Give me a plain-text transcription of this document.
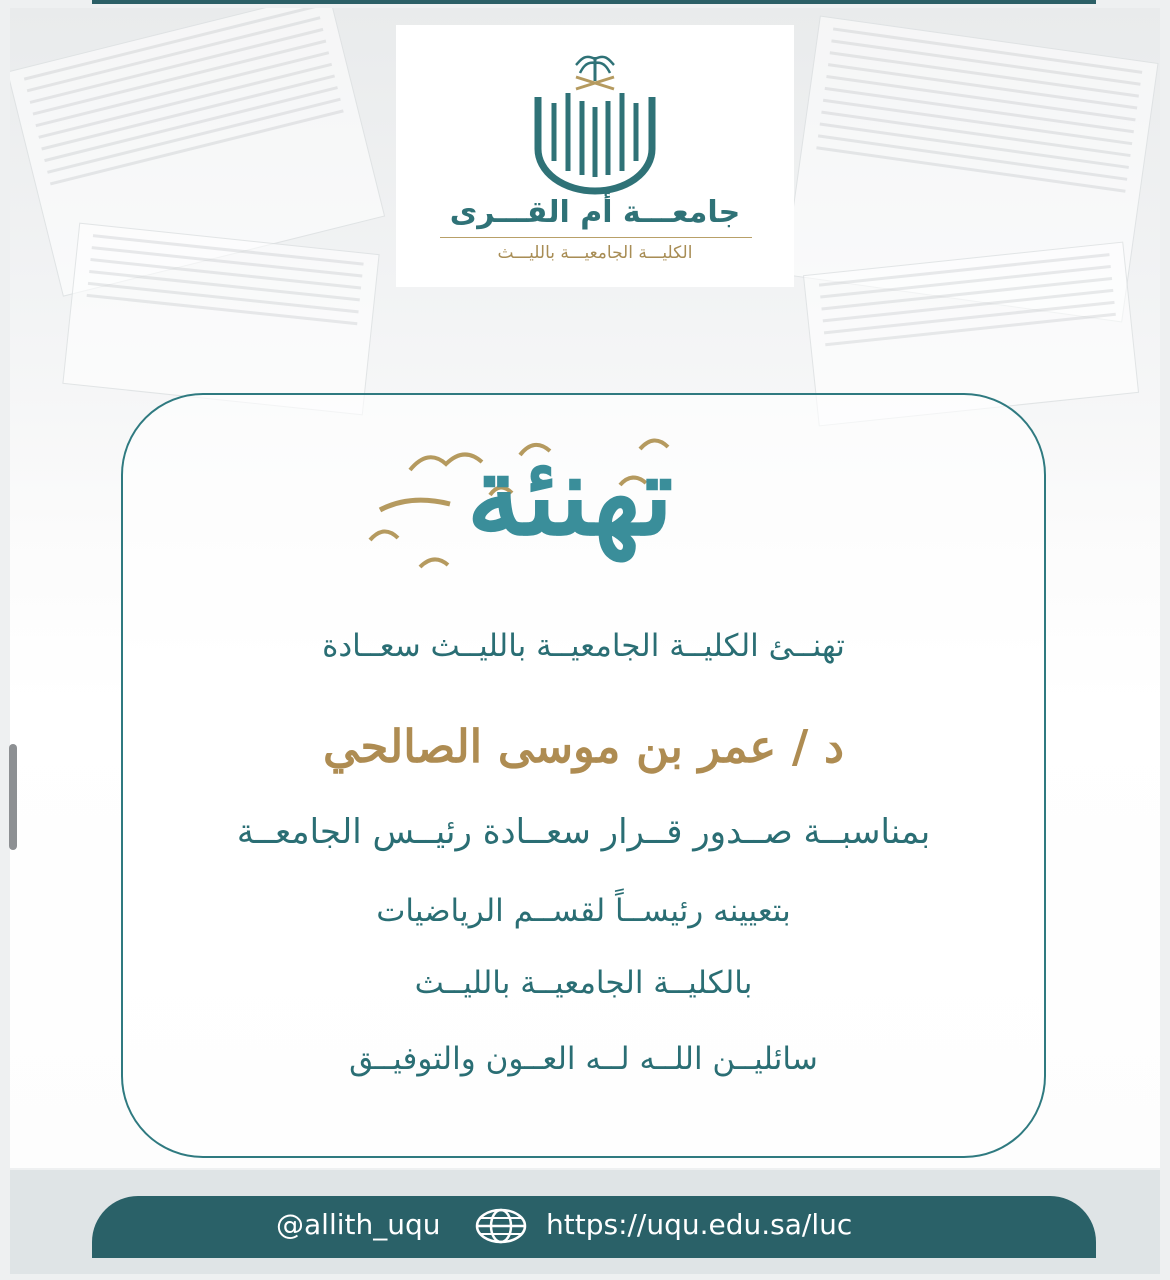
جامعـــة أم القـــرى
الكليـــة الجامعيـــة بالليـــث
تهنئة
تهنــئ الكليــة الجامعيــة بالليــث سعــادة
د / عمر بن موسى الصالحي
بمناسبــة صــدور قــرار سعــادة رئيــس الجامعــة
بتعيينه رئيســاً لقســم الرياضيات
بالكليــة الجامعيــة بالليــث
سائليــن اللــه لــه العــون والتوفيــق
@allith_uqu	https://uqu.edu.sa/luc
